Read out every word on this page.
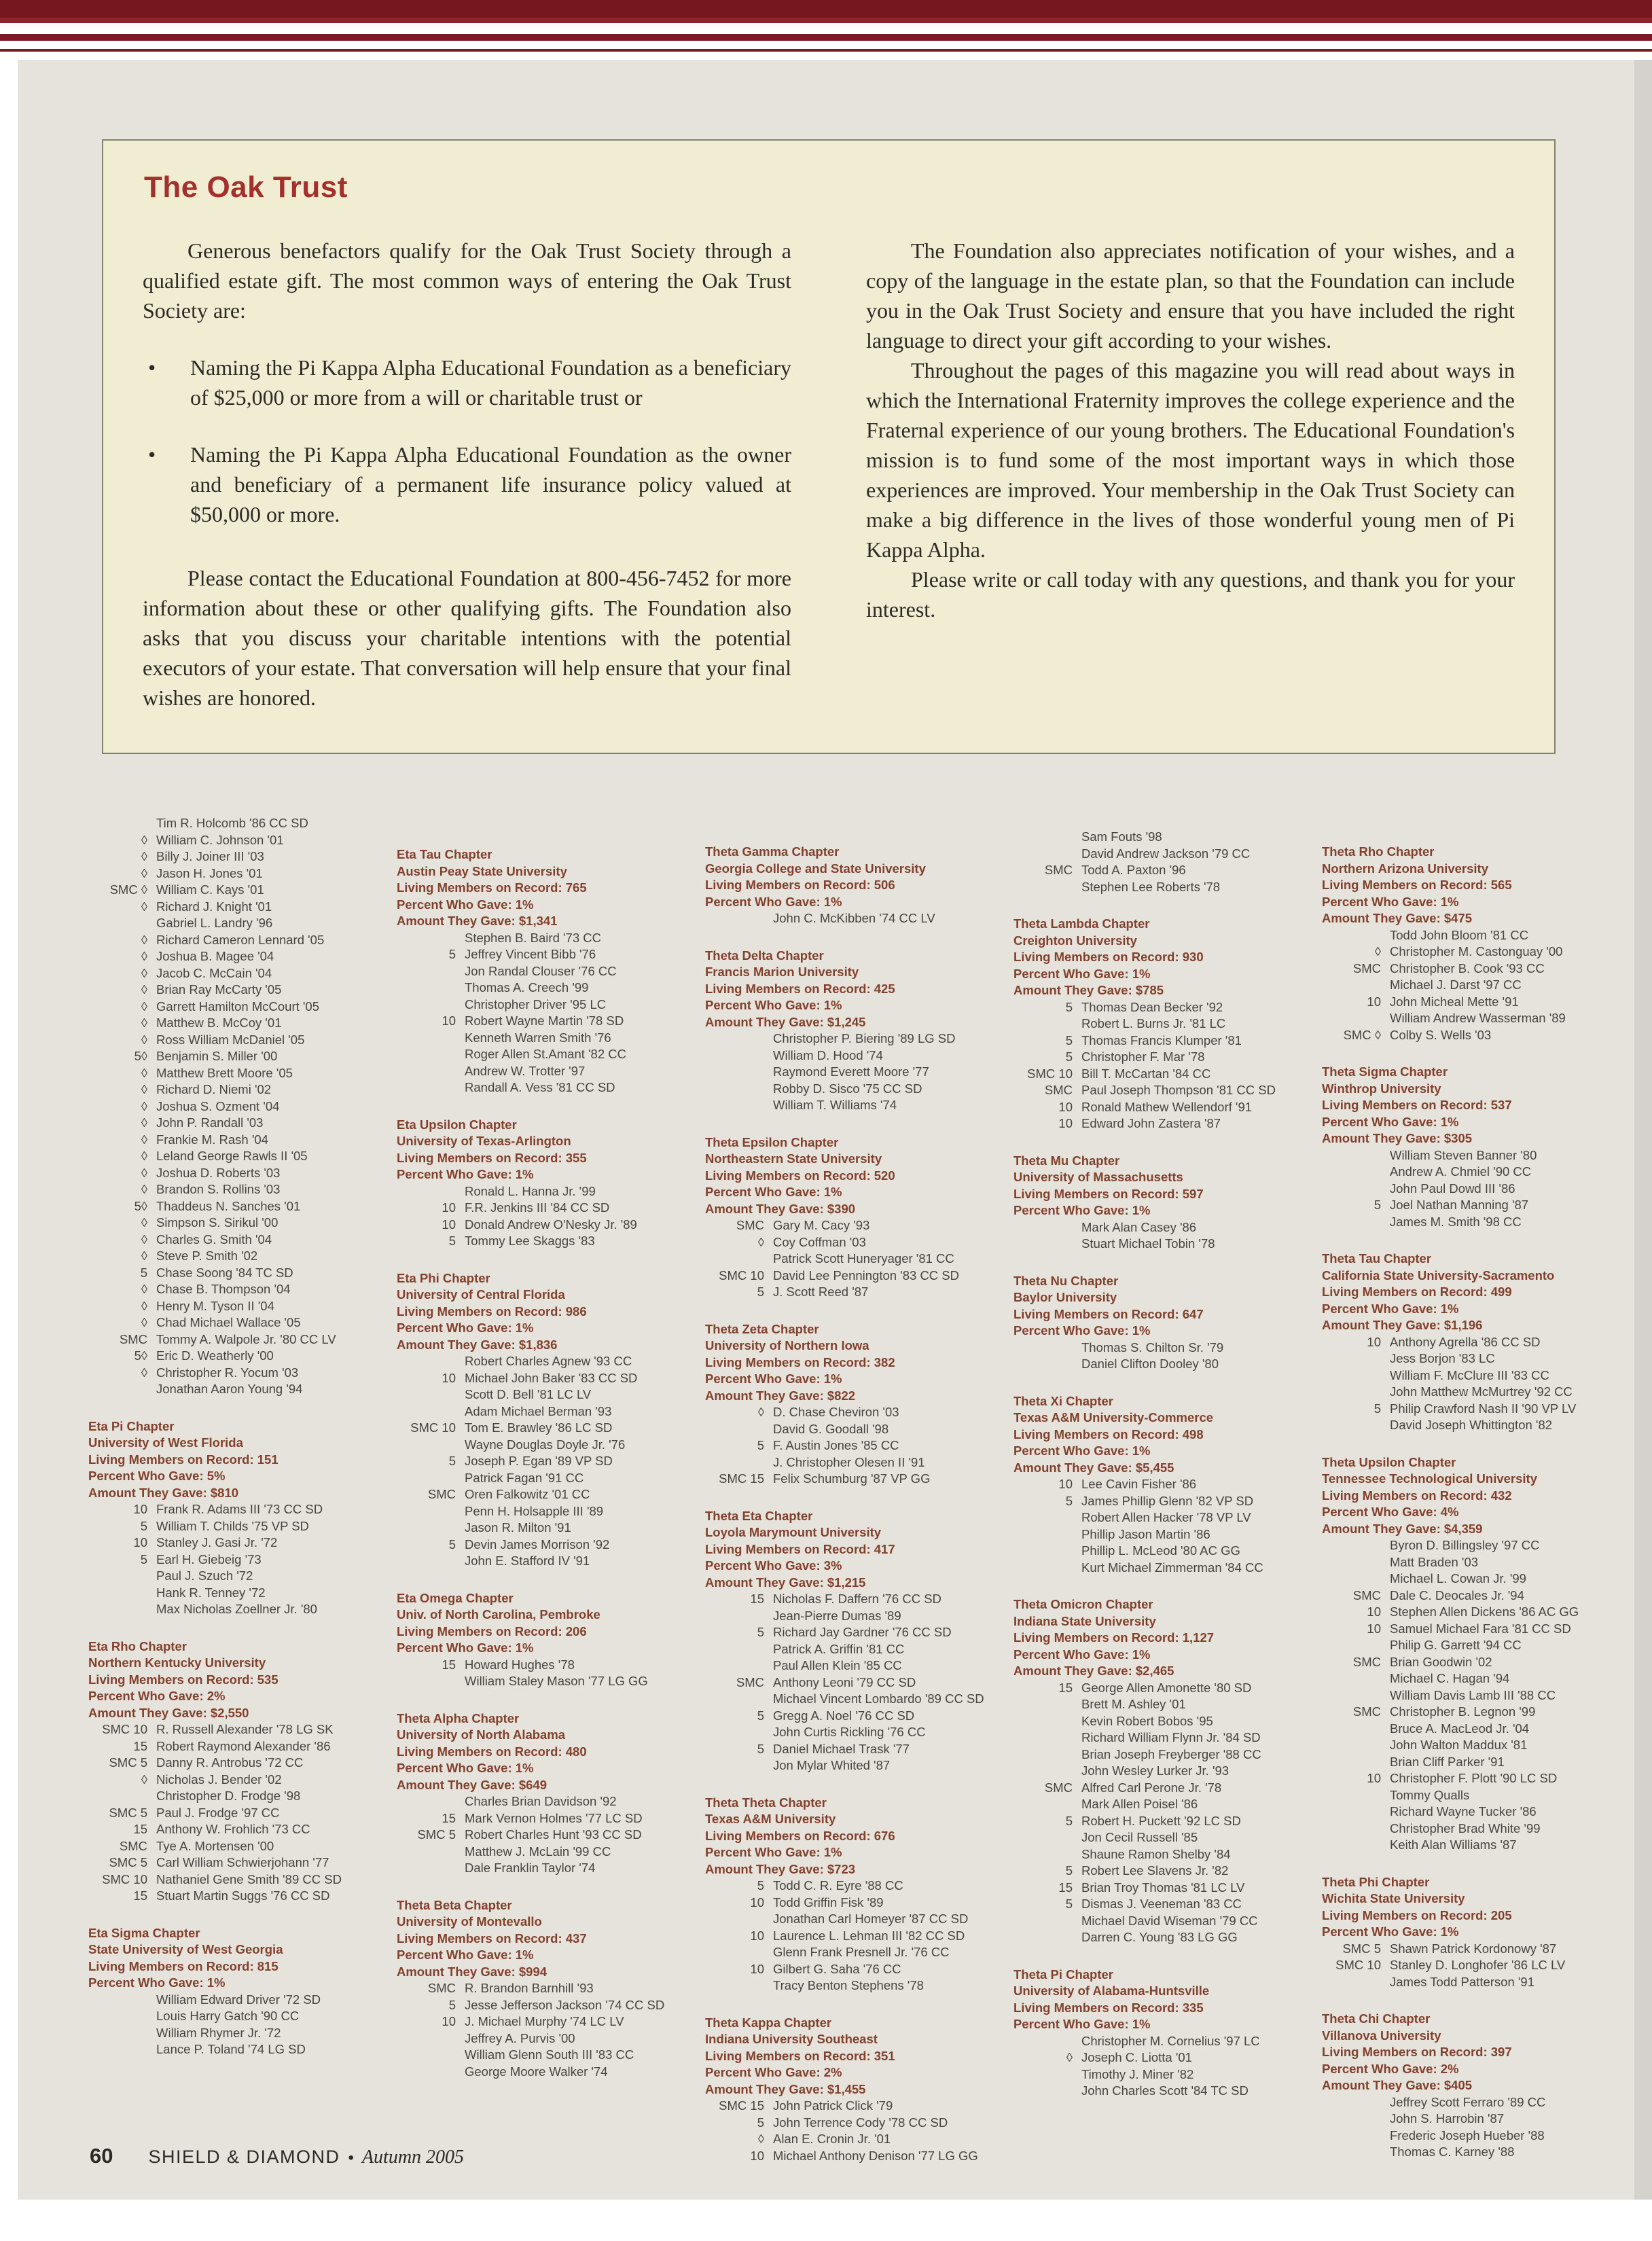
The Oak Trust
Generous benefactors qualify for the Oak Trust Society through a qualified estate gift. The most common ways of entering the Oak Trust Society are:
•	Naming the Pi Kappa Alpha Educational Foundation as a beneficiary of $25,000 or more from a will or charitable trust or
•	Naming the Pi Kappa Alpha Educational Foundation as the owner and beneficiary of a permanent life insurance policy valued at $50,000 or more.
Please contact the Educational Foundation at 800-456-7452 for more information about these or other qualifying gifts. The Foundation also asks that you discuss your charitable intentions with the potential executors of your estate. That conversation will help ensure that your final wishes are honored.
The Foundation also appreciates notification of your wishes, and a copy of the language in the estate plan, so that the Foundation can include you in the Oak Trust Society and ensure that you have included the right language to direct your gift according to your wishes.
Throughout the pages of this magazine you will read about ways in which the International Fraternity improves the college experience and the Fraternal experience of our young brothers. The Educational Foundation's mission is to fund some of the most important ways in which those experiences are improved. Your membership in the Oak Trust Society can make a big difference in the lives of those wonderful young men of Pi Kappa Alpha.
Please write or call today with any questions, and thank you for your interest.
Tim R. Holcomb '86 CC SD
◊ William C. Johnson '01
◊ Billy J. Joiner III '03
◊ Jason H. Jones '01
SMC ◊ William C. Kays '01
◊ Richard J. Knight '01
Gabriel L. Landry '96
◊ Richard Cameron Lennard '05
◊ Joshua B. Magee '04
◊ Jacob C. McCain '04
◊ Brian Ray McCarty '05
◊ Garrett Hamilton McCourt '05
◊ Matthew B. McCoy '01
◊ Ross William McDaniel '05
5◊ Benjamin S. Miller '00
◊ Matthew Brett Moore '05
◊ Richard D. Niemi '02
◊ Joshua S. Ozment '04
◊ John P. Randall '03
◊ Frankie M. Rash '04
◊ Leland George Rawls II '05
◊ Joshua D. Roberts '03
◊ Brandon S. Rollins '03
5◊ Thaddeus N. Sanches '01
◊ Simpson S. Sirikul '00
◊ Charles G. Smith '04
◊ Steve P. Smith '02
5 Chase Soong '84 TC SD
◊ Chase B. Thompson '04
◊ Henry M. Tyson II '04
◊ Chad Michael Wallace '05
SMC Tommy A. Walpole Jr. '80 CC LV
5◊ Eric D. Weatherly '00
◊ Christopher R. Yocum '03
Jonathan Aaron Young '94
Eta Pi Chapter
University of West Florida
Living Members on Record: 151
Percent Who Gave: 5%
Amount They Gave: $810
10 Frank R. Adams III '73 CC SD
5 William T. Childs '75 VP SD
10 Stanley J. Gasi Jr. '72
5 Earl H. Giebeig '73
Paul J. Szuch '72
Hank R. Tenney '72
Max Nicholas Zoellner Jr. '80
Eta Rho Chapter
Northern Kentucky University
Living Members on Record: 535
Percent Who Gave: 2%
Amount They Gave: $2,550
SMC 10 R. Russell Alexander '78 LG SK
15 Robert Raymond Alexander '86
SMC 5 Danny R. Antrobus '72 CC
◊ Nicholas J. Bender '02
Christopher D. Frodge '98
SMC 5 Paul J. Frodge '97 CC
15 Anthony W. Frohlich '73 CC
SMC Tye A. Mortensen '00
SMC 5 Carl William Schwierjohann '77
SMC 10 Nathaniel Gene Smith '89 CC SD
15 Stuart Martin Suggs '76 CC SD
Eta Sigma Chapter
State University of West Georgia
Living Members on Record: 815
Percent Who Gave: 1%
William Edward Driver '72 SD
Louis Harry Gatch '90 CC
William Rhymer Jr. '72
Lance P. Toland '74 LG SD
Eta Tau Chapter
Austin Peay State University
Living Members on Record: 765
Percent Who Gave: 1%
Amount They Gave: $1,341
Stephen B. Baird '73 CC
5 Jeffrey Vincent Bibb '76
Jon Randal Clouser '76 CC
Thomas A. Creech '99
Christopher Driver '95 LC
10 Robert Wayne Martin '78 SD
Kenneth Warren Smith '76
Roger Allen St.Amant '82 CC
Andrew W. Trotter '97
Randall A. Vess '81 CC SD
Eta Upsilon Chapter
University of Texas-Arlington
Living Members on Record: 355
Percent Who Gave: 1%
Ronald L. Hanna Jr. '99
10 F.R. Jenkins III '84 CC SD
10 Donald Andrew O'Nesky Jr. '89
5 Tommy Lee Skaggs '83
Eta Phi Chapter
University of Central Florida
Living Members on Record: 986
Percent Who Gave: 1%
Amount They Gave: $1,836
Robert Charles Agnew '93 CC
10 Michael John Baker '83 CC SD
Scott D. Bell '81 LC LV
Adam Michael Berman '93
SMC 10 Tom E. Brawley '86 LC SD
Wayne Douglas Doyle Jr. '76
5 Joseph P. Egan '89 VP SD
Patrick Fagan '91 CC
SMC Oren Falkowitz '01 CC
Penn H. Holsapple III '89
Jason R. Milton '91
5 Devin James Morrison '92
John E. Stafford IV '91
Eta Omega Chapter
Univ. of North Carolina, Pembroke
Living Members on Record: 206
Percent Who Gave: 1%
15 Howard Hughes '78
William Staley Mason '77 LG GG
Theta Alpha Chapter
University of North Alabama
Living Members on Record: 480
Percent Who Gave: 1%
Amount They Gave: $649
Charles Brian Davidson '92
15 Mark Vernon Holmes '77 LC SD
SMC 5 Robert Charles Hunt '93 CC SD
Matthew J. McLain '99 CC
Dale Franklin Taylor '74
Theta Beta Chapter
University of Montevallo
Living Members on Record: 437
Percent Who Gave: 1%
Amount They Gave: $994
SMC R. Brandon Barnhill '93
5 Jesse Jefferson Jackson '74 CC SD
10 J. Michael Murphy '74 LC LV
Jeffrey A. Purvis '00
William Glenn South III '83 CC
George Moore Walker '74
Theta Gamma Chapter
Georgia College and State University
Living Members on Record: 506
Percent Who Gave: 1%
John C. McKibben '74 CC LV
Theta Delta Chapter
Francis Marion University
Living Members on Record: 425
Percent Who Gave: 1%
Amount They Gave: $1,245
Christopher P. Biering '89 LG SD
William D. Hood '74
Raymond Everett Moore '77
Robby D. Sisco '75 CC SD
William T. Williams '74
Theta Epsilon Chapter
Northeastern State University
Living Members on Record: 520
Percent Who Gave: 1%
Amount They Gave: $390
SMC Gary M. Cacy '93
◊ Coy Coffman '03
Patrick Scott Huneryager '81 CC
SMC 10 David Lee Pennington '83 CC SD
5 J. Scott Reed '87
Theta Zeta Chapter
University of Northern Iowa
Living Members on Record: 382
Percent Who Gave: 1%
Amount They Gave: $822
◊ D. Chase Cheviron '03
David G. Goodall '98
5 F. Austin Jones '85 CC
J. Christopher Olesen II '91
SMC 15 Felix Schumburg '87 VP GG
Theta Eta Chapter
Loyola Marymount University
Living Members on Record: 417
Percent Who Gave: 3%
Amount They Gave: $1,215
15 Nicholas F. Daffern '76 CC SD
Jean-Pierre Dumas '89
5 Richard Jay Gardner '76 CC SD
Patrick A. Griffin '81 CC
Paul Allen Klein '85 CC
SMC Anthony Leoni '79 CC SD
Michael Vincent Lombardo '89 CC SD
5 Gregg A. Noel '76 CC SD
John Curtis Rickling '76 CC
5 Daniel Michael Trask '77
Jon Mylar Whited '87
Theta Theta Chapter
Texas A&M University
Living Members on Record: 676
Percent Who Gave: 1%
Amount They Gave: $723
5 Todd C. R. Eyre '88 CC
10 Todd Griffin Fisk '89
Jonathan Carl Homeyer '87 CC SD
10 Laurence L. Lehman III '82 CC SD
Glenn Frank Presnell Jr. '76 CC
10 Gilbert G. Saha '76 CC
Tracy Benton Stephens '78
Theta Kappa Chapter
Indiana University Southeast
Living Members on Record: 351
Percent Who Gave: 2%
Amount They Gave: $1,455
SMC 15 John Patrick Click '79
5 John Terrence Cody '78 CC SD
◊ Alan E. Cronin Jr. '01
10 Michael Anthony Denison '77 LG GG
Sam Fouts '98
David Andrew Jackson '79 CC
SMC Todd A. Paxton '96
Stephen Lee Roberts '78
Theta Lambda Chapter
Creighton University
Living Members on Record: 930
Percent Who Gave: 1%
Amount They Gave: $785
5 Thomas Dean Becker '92
Robert L. Burns Jr. '81 LC
5 Thomas Francis Klumper '81
5 Christopher F. Mar '78
SMC 10 Bill T. McCartan '84 CC
SMC Paul Joseph Thompson '81 CC SD
10 Ronald Mathew Wellendorf '91
10 Edward John Zastera '87
Theta Mu Chapter
University of Massachusetts
Living Members on Record: 597
Percent Who Gave: 1%
Mark Alan Casey '86
Stuart Michael Tobin '78
Theta Nu Chapter
Baylor University
Living Members on Record: 647
Percent Who Gave: 1%
Thomas S. Chilton Sr. '79
Daniel Clifton Dooley '80
Theta Xi Chapter
Texas A&M University-Commerce
Living Members on Record: 498
Percent Who Gave: 1%
Amount They Gave: $5,455
10 Lee Cavin Fisher '86
5 James Phillip Glenn '82 VP SD
Robert Allen Hacker '78 VP LV
Phillip Jason Martin '86
Phillip L. McLeod '80 AC GG
Kurt Michael Zimmerman '84 CC
Theta Omicron Chapter
Indiana State University
Living Members on Record: 1,127
Percent Who Gave: 1%
Amount They Gave: $2,465
15 George Allen Amonette '80 SD
Brett M. Ashley '01
Kevin Robert Bobos '95
Richard William Flynn Jr. '84 SD
Brian Joseph Freyberger '88 CC
John Wesley Lurker Jr. '93
SMC Alfred Carl Perone Jr. '78
Mark Allen Poisel '86
5 Robert H. Puckett '92 LC SD
Jon Cecil Russell '85
Shaune Ramon Shelby '84
5 Robert Lee Slavens Jr. '82
15 Brian Troy Thomas '81 LC LV
5 Dismas J. Veeneman '83 CC
Michael David Wiseman '79 CC
Darren C. Young '83 LG GG
Theta Pi Chapter
University of Alabama-Huntsville
Living Members on Record: 335
Percent Who Gave: 1%
Christopher M. Cornelius '97 LC
◊ Joseph C. Liotta '01
Timothy J. Miner '82
John Charles Scott '84 TC SD
Theta Rho Chapter
Northern Arizona University
Living Members on Record: 565
Percent Who Gave: 1%
Amount They Gave: $475
Todd John Bloom '81 CC
◊ Christopher M. Castonguay '00
SMC Christopher B. Cook '93 CC
Michael J. Darst '97 CC
10 John Micheal Mette '91
William Andrew Wasserman '89
SMC ◊ Colby S. Wells '03
Theta Sigma Chapter
Winthrop University
Living Members on Record: 537
Percent Who Gave: 1%
Amount They Gave: $305
William Steven Banner '80
Andrew A. Chmiel '90 CC
John Paul Dowd III '86
5 Joel Nathan Manning '87
James M. Smith '98 CC
Theta Tau Chapter
California State University-Sacramento
Living Members on Record: 499
Percent Who Gave: 1%
Amount They Gave: $1,196
10 Anthony Agrella '86 CC SD
Jess Borjon '83 LC
William F. McClure III '83 CC
John Matthew McMurtrey '92 CC
5 Philip Crawford Nash II '90 VP LV
David Joseph Whittington '82
Theta Upsilon Chapter
Tennessee Technological University
Living Members on Record: 432
Percent Who Gave: 4%
Amount They Gave: $4,359
Byron D. Billingsley '97 CC
Matt Braden '03
Michael L. Cowan Jr. '99
SMC Dale C. Deocales Jr. '94
10 Stephen Allen Dickens '86 AC GG
10 Samuel Michael Fara '81 CC SD
Philip G. Garrett '94 CC
SMC Brian Goodwin '02
Michael C. Hagan '94
William Davis Lamb III '88 CC
SMC Christopher B. Legnon '99
Bruce A. MacLeod Jr. '04
John Walton Maddux '81
Brian Cliff Parker '91
10 Christopher F. Plott '90 LC SD
Tommy Qualls
Richard Wayne Tucker '86
Christopher Brad White '99
Keith Alan Williams '87
Theta Phi Chapter
Wichita State University
Living Members on Record: 205
Percent Who Gave: 1%
SMC 5 Shawn Patrick Kordonowy '87
SMC 10 Stanley D. Longhofer '86 LC LV
James Todd Patterson '91
Theta Chi Chapter
Villanova University
Living Members on Record: 397
Percent Who Gave: 2%
Amount They Gave: $405
Jeffrey Scott Ferraro '89 CC
John S. Harrobin '87
Frederic Joseph Hueber '88
Thomas C. Karney '88
60 SHIELD & DIAMOND • Autumn 2005
